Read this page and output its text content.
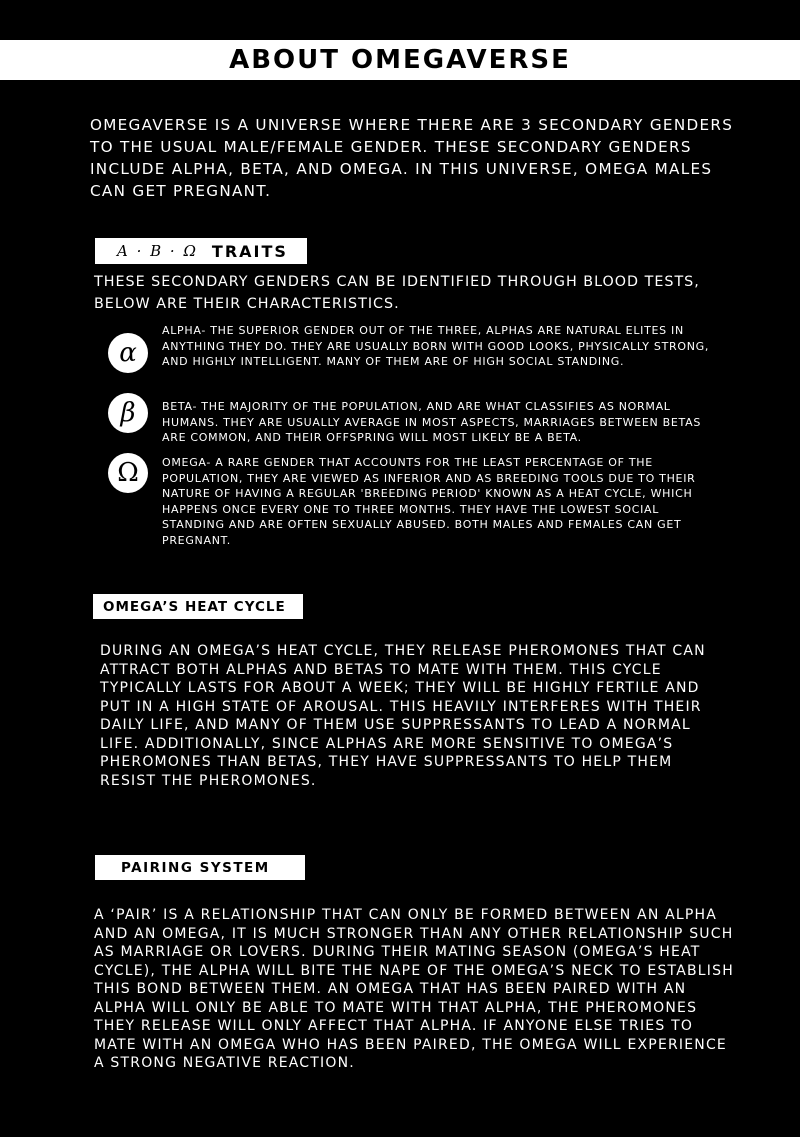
ABOUT OMEGAVERSE

OMEGAVERSE IS A UNIVERSE WHERE THERE ARE 3 SECONDARY GENDERS TO THE USUAL MALE/FEMALE GENDER. THESE SECONDARY GENDERS INCLUDE ALPHA, BETA, AND OMEGA. IN THIS UNIVERSE, OMEGA MALES CAN GET PREGNANT.

Α · Β · Ω TRAITS

THESE SECONDARY GENDERS CAN BE IDENTIFIED THROUGH BLOOD TESTS, BELOW ARE THEIR CHARACTERISTICS.

α

ALPHA- THE SUPERIOR GENDER OUT OF THE THREE, ALPHAS ARE NATURAL ELITES IN ANYTHING THEY DO. THEY ARE USUALLY BORN WITH GOOD LOOKS, PHYSICALLY STRONG, AND HIGHLY INTELLIGENT. MANY OF THEM ARE OF HIGH SOCIAL STANDING.

β	BETA- THE MAJORITY OF THE POPULATION, AND ARE WHAT CLASSIFIES AS NORMAL HUMANS. THEY ARE USUALLY AVERAGE IN MOST ASPECTS, MARRIAGES BETWEEN BETAS ARE COMMON, AND THEIR OFFSPRING WILL MOST LIKELY BE A BETA.

Ω	OMEGA- A RARE GENDER THAT ACCOUNTS FOR THE LEAST PERCENTAGE OF THE POPULATION, THEY ARE VIEWED AS INFERIOR AND AS BREEDING TOOLS DUE TO THEIR NATURE OF HAVING A REGULAR 'BREEDING PERIOD' KNOWN AS A HEAT CYCLE, WHICH HAPPENS ONCE EVERY ONE TO THREE MONTHS. THEY HAVE THE LOWEST SOCIAL STANDING AND ARE OFTEN SEXUALLY ABUSED. BOTH MALES AND FEMALES CAN GET PREGNANT.

OMEGA’S HEAT CYCLE

DURING AN OMEGA’S HEAT CYCLE, THEY RELEASE PHEROMONES THAT CAN ATTRACT BOTH ALPHAS AND BETAS TO MATE WITH THEM. THIS CYCLE TYPICALLY LASTS FOR ABOUT A WEEK; THEY WILL BE HIGHLY FERTILE AND PUT IN A HIGH STATE OF AROUSAL. THIS HEAVILY INTERFERES WITH THEIR DAILY LIFE, AND MANY OF THEM USE SUPPRESSANTS TO LEAD A NORMAL LIFE. ADDITIONALLY, SINCE ALPHAS ARE MORE SENSITIVE TO OMEGA’S PHEROMONES THAN BETAS, THEY HAVE SUPPRESSANTS TO HELP THEM RESIST THE PHEROMONES.

PAIRING SYSTEM

A ‘PAIR’ IS A RELATIONSHIP THAT CAN ONLY BE FORMED BETWEEN AN ALPHA AND AN OMEGA, IT IS MUCH STRONGER THAN ANY OTHER RELATIONSHIP SUCH AS MARRIAGE OR LOVERS. DURING THEIR MATING SEASON (OMEGA’S HEAT CYCLE), THE ALPHA WILL BITE THE NAPE OF THE OMEGA’S NECK TO ESTABLISH THIS BOND BETWEEN THEM. AN OMEGA THAT HAS BEEN PAIRED WITH AN ALPHA WILL ONLY BE ABLE TO MATE WITH THAT ALPHA, THE PHEROMONES THEY RELEASE WILL ONLY AFFECT THAT ALPHA. IF ANYONE ELSE TRIES TO MATE WITH AN OMEGA WHO HAS BEEN PAIRED, THE OMEGA WILL EXPERIENCE A STRONG NEGATIVE REACTION.
